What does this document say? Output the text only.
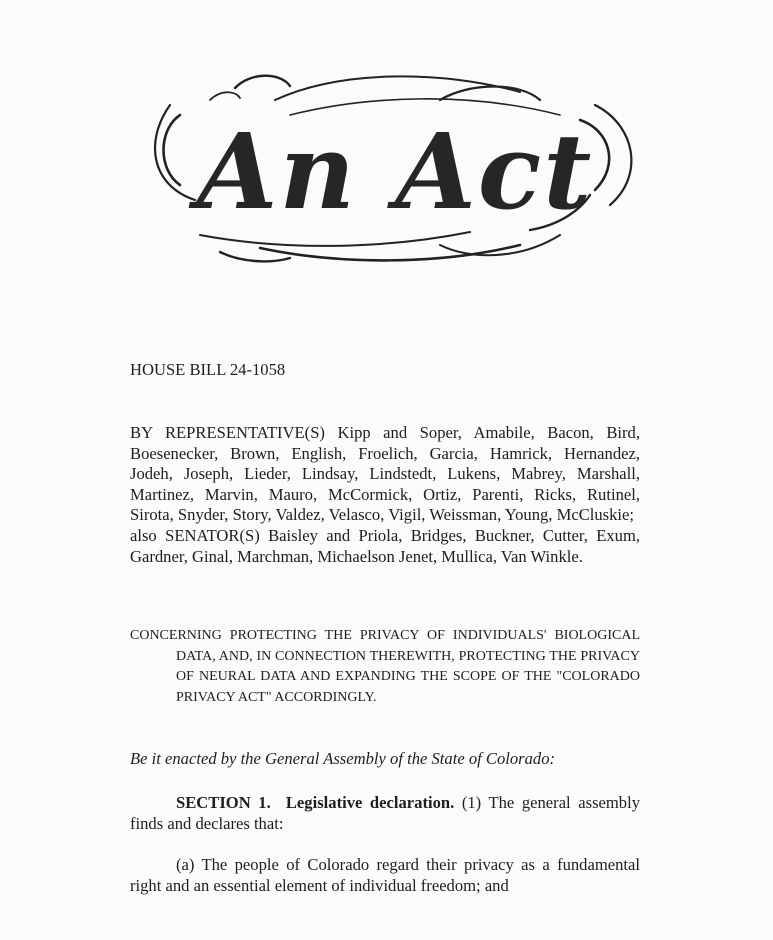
An Act
HOUSE BILL 24-1058

BY REPRESENTATIVE(S) Kipp and Soper, Amabile, Bacon, Bird, Boesenecker, Brown, English, Froelich, Garcia, Hamrick, Hernandez, Jodeh, Joseph, Lieder, Lindsay, Lindstedt, Lukens, Mabrey, Marshall, Martinez, Marvin, Mauro, McCormick, Ortiz, Parenti, Ricks, Rutinel, Sirota, Snyder, Story, Valdez, Velasco, Vigil, Weissman, Young, McCluskie;

also SENATOR(S) Baisley and Priola, Bridges, Buckner, Cutter, Exum, Gardner, Ginal, Marchman, Michaelson Jenet, Mullica, Van Winkle.

CONCERNING PROTECTING THE PRIVACY OF INDIVIDUALS' BIOLOGICAL DATA, AND, IN CONNECTION THEREWITH, PROTECTING THE PRIVACY OF NEURAL DATA AND EXPANDING THE SCOPE OF THE "COLORADO PRIVACY ACT" ACCORDINGLY.
Be it enacted by the General Assembly of the State of Colorado:
SECTION 1. Legislative declaration. (1) The general assembly finds and declares that:
(a) The people of Colorado regard their privacy as a fundamental right and an essential element of individual freedom; and
